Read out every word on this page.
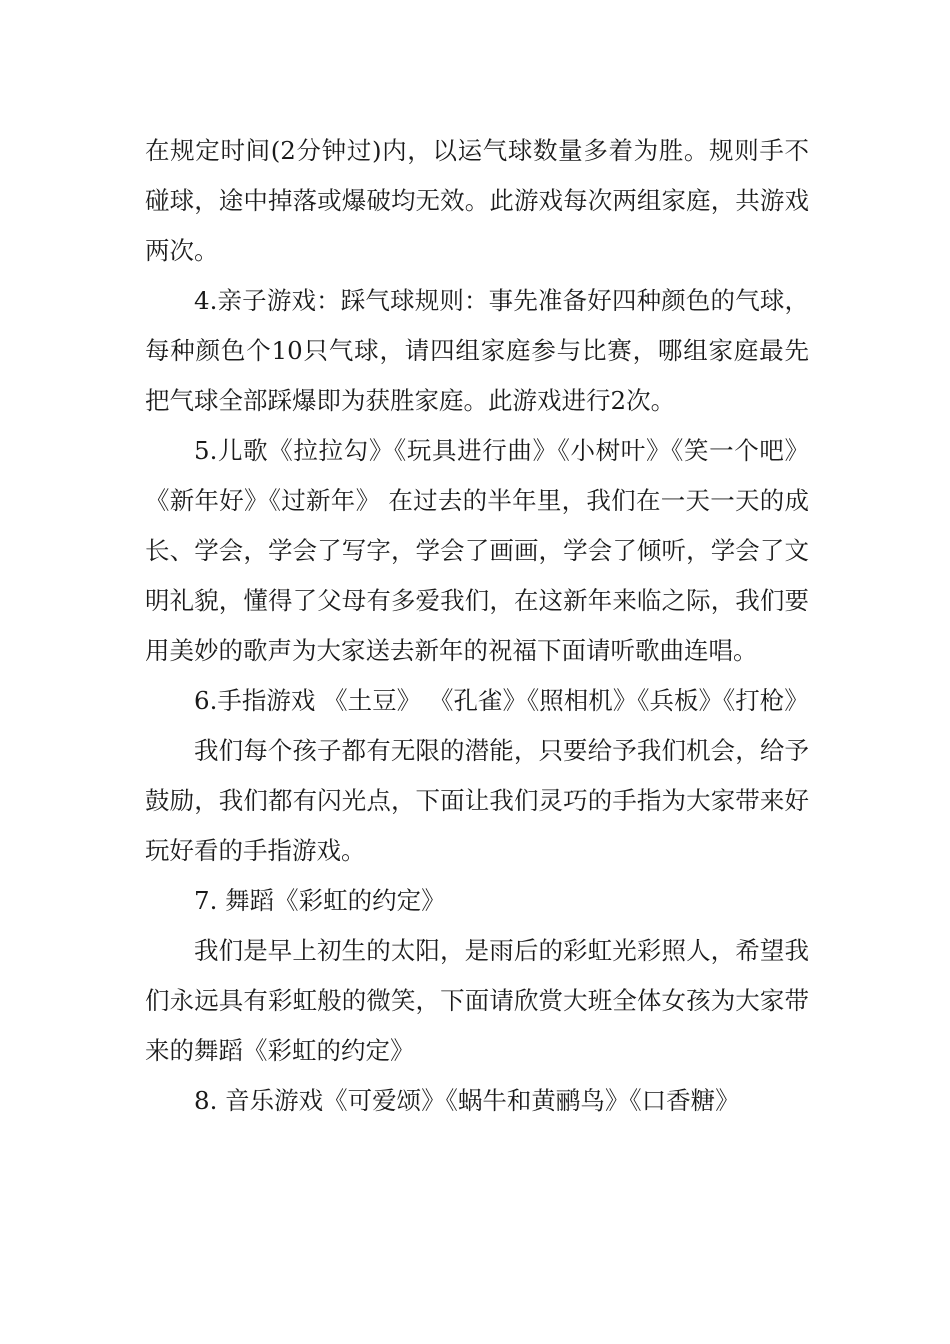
在规定时间(2分钟过)内，以运气球数量多着为胜。规则手不碰球，途中掉落或爆破均无效。此游戏每次两组家庭，共游戏两次。

4.亲子游戏：踩气球规则：事先准备好四种颜色的气球，每种颜色个10只气球，请四组家庭参与比赛，哪组家庭最先把气球全部踩爆即为获胜家庭。此游戏进行2次。

5.儿歌《拉拉勾》《玩具进行曲》《小树叶》《笑一个吧》《新年好》《过新年》 在过去的半年里，我们在一天一天的成长、学会，学会了写字，学会了画画，学会了倾听，学会了文明礼貌，懂得了父母有多爱我们，在这新年来临之际，我们要用美妙的歌声为大家送去新年的祝福下面请听歌曲连唱。

6.手指游戏 《土豆》 《孔雀》《照相机》《兵板》《打枪》

我们每个孩子都有无限的潜能，只要给予我们机会，给予鼓励，我们都有闪光点，下面让我们灵巧的手指为大家带来好玩好看的手指游戏。

7. 舞蹈《彩虹的约定》

我们是早上初生的太阳，是雨后的彩虹光彩照人，希望我们永远具有彩虹般的微笑，下面请欣赏大班全体女孩为大家带来的舞蹈《彩虹的约定》

8. 音乐游戏《可爱颂》《蜗牛和黄鹂鸟》《口香糖》
